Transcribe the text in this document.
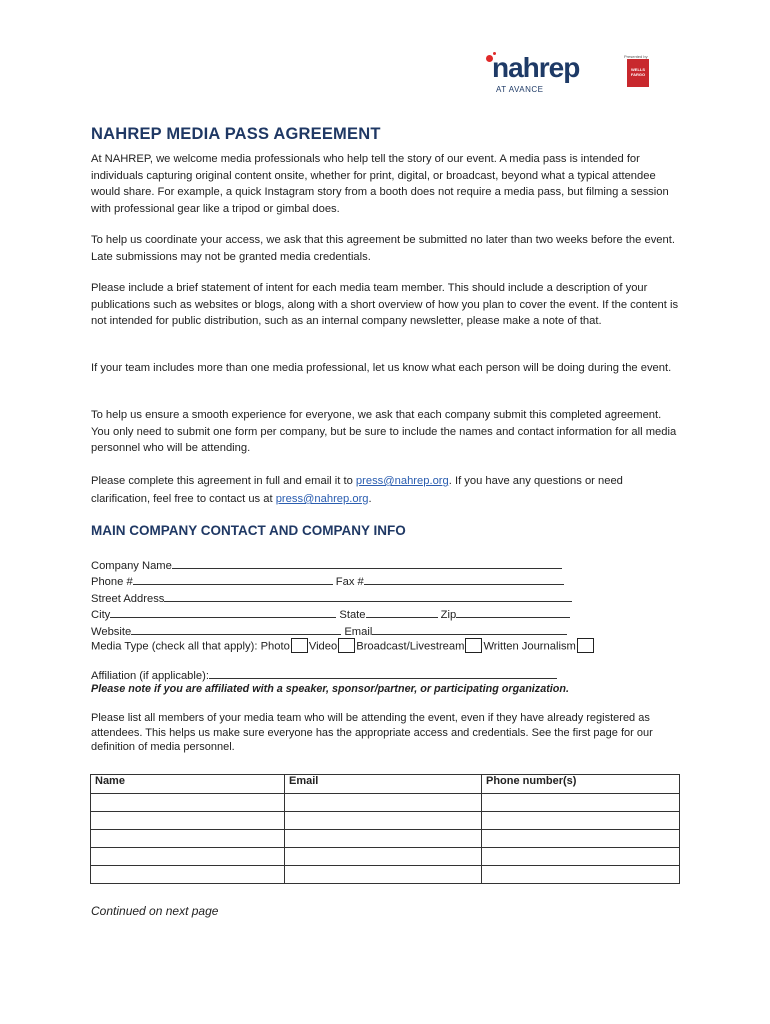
nahrep
AT AVANCE
Presented by
WELLS FARGO
NAHREP MEDIA PASS AGREEMENT

At NAHREP, we welcome media professionals who help tell the story of our event. A media pass is intended for individuals capturing original content onsite, whether for print, digital, or broadcast, beyond what a typical attendee would share. For example, a quick Instagram story from a booth does not require a media pass, but filming a session with professional gear like a tripod or gimbal does.

To help us coordinate your access, we ask that this agreement be submitted no later than two weeks before the event. Late submissions may not be granted media credentials.

Please include a brief statement of intent for each media team member. This should include a description of your publications such as websites or blogs, along with a short overview of how you plan to cover the event. If the content is not intended for public distribution, such as an internal company newsletter, please make a note of that.

If your team includes more than one media professional, let us know what each person will be doing during the event.

To help us ensure a smooth experience for everyone, we ask that each company submit this completed agreement. You only need to submit one form per company, but be sure to include the names and contact information for all media personnel who will be attending.

Please complete this agreement in full and email it to press@nahrep.org. If you have any questions or need clarification, feel free to contact us at press@nahrep.org.

MAIN COMPANY CONTACT AND COMPANY INFO
Company Name
Phone #	Fax #
Street Address
City	State	Zip
Website	Email
Media Type (check all that apply): Photo Video Broadcast/Livestream Written Journalism
Affiliation (if applicable):
Please note if you are affiliated with a speaker, sponsor/partner, or participating organization.

Please list all members of your media team who will be attending the event, even if they have already registered as attendees. This helps us make sure everyone has the appropriate access and credentials. See the first page for our definition of media personnel.

Name	Email	Phone number(s)

Continued on next page
